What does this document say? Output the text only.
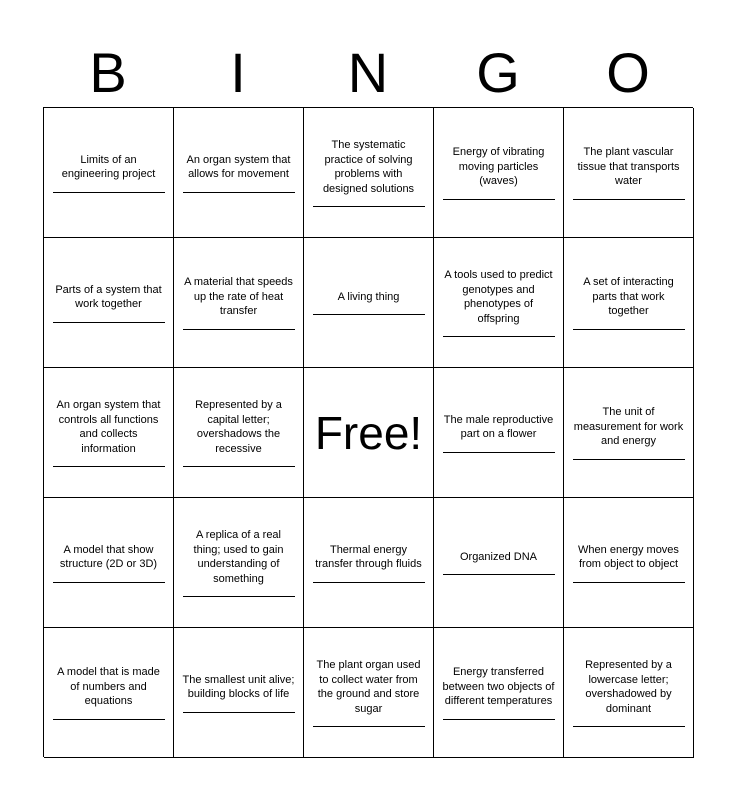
B	I	N	G	O
Limits of an engineering project
An organ system that allows for movement
The systematic practice of solving problems with designed solutions
Energy of vibrating moving particles (waves)
The plant vascular tissue that transports water
Parts of a system that work together
A material that speeds up the rate of heat transfer
A living thing
A tools used to predict genotypes and phenotypes of offspring
A set of interacting parts that work together
An organ system that controls all functions and collects information
Represented by a capital letter; overshadows the recessive	Free! The male reproductive part on a flower
The unit of measurement for work and energy
A model that show structure (2D or 3D)
A replica of a real thing; used to gain understanding of something
Thermal energy transfer through fluids
Organized DNA
When energy moves from object to object
A model that is made of numbers and equations
The smallest unit alive; building blocks of life
The plant organ used to collect water from the ground and store sugar
Energy transferred between two objects of different temperatures
Represented by a lowercase letter; overshadowed by dominant
